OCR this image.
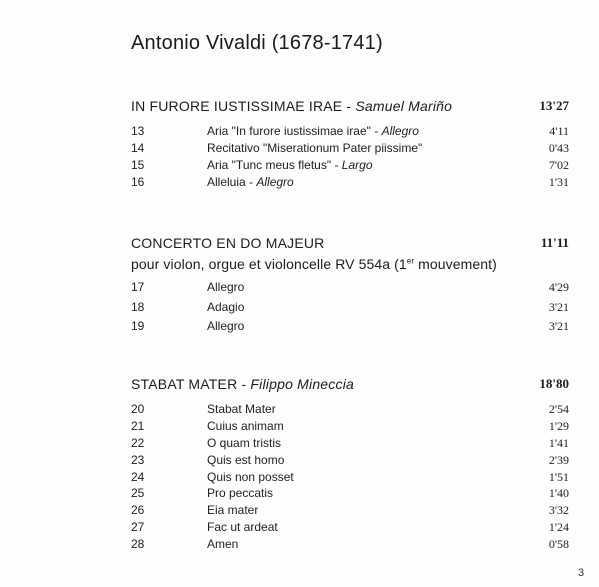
Antonio Vivaldi (1678-1741)
IN FURORE IUSTISSIMAE IRAE - Samuel Mariño	13'27
13	Aria "In furore iustissimae irae" - Allegro	4'11
14	Recitativo "Miserationum Pater piissime"	0'43
15	Aria "Tunc meus fletus" - Largo	7'02
16	Alleluia - Allegro	1'31
CONCERTO EN DO MAJEUR	11'11
pour violon, orgue et violoncelle RV 554a (1er mouvement)
17	Allegro	4'29
18	Adagio	3'21
19	Allegro	3'21
STABAT MATER - Filippo Mineccia	18'80
20	Stabat Mater	2'54
21	Cuius animam	1'29
22	O quam tristis	1'41
23	Quis est homo	2'39
24	Quis non posset	1'51
25	Pro peccatis	1'40
26	Eia mater	3'32
27	Fac ut ardeat	1'24
28	Amen	0'58
3
